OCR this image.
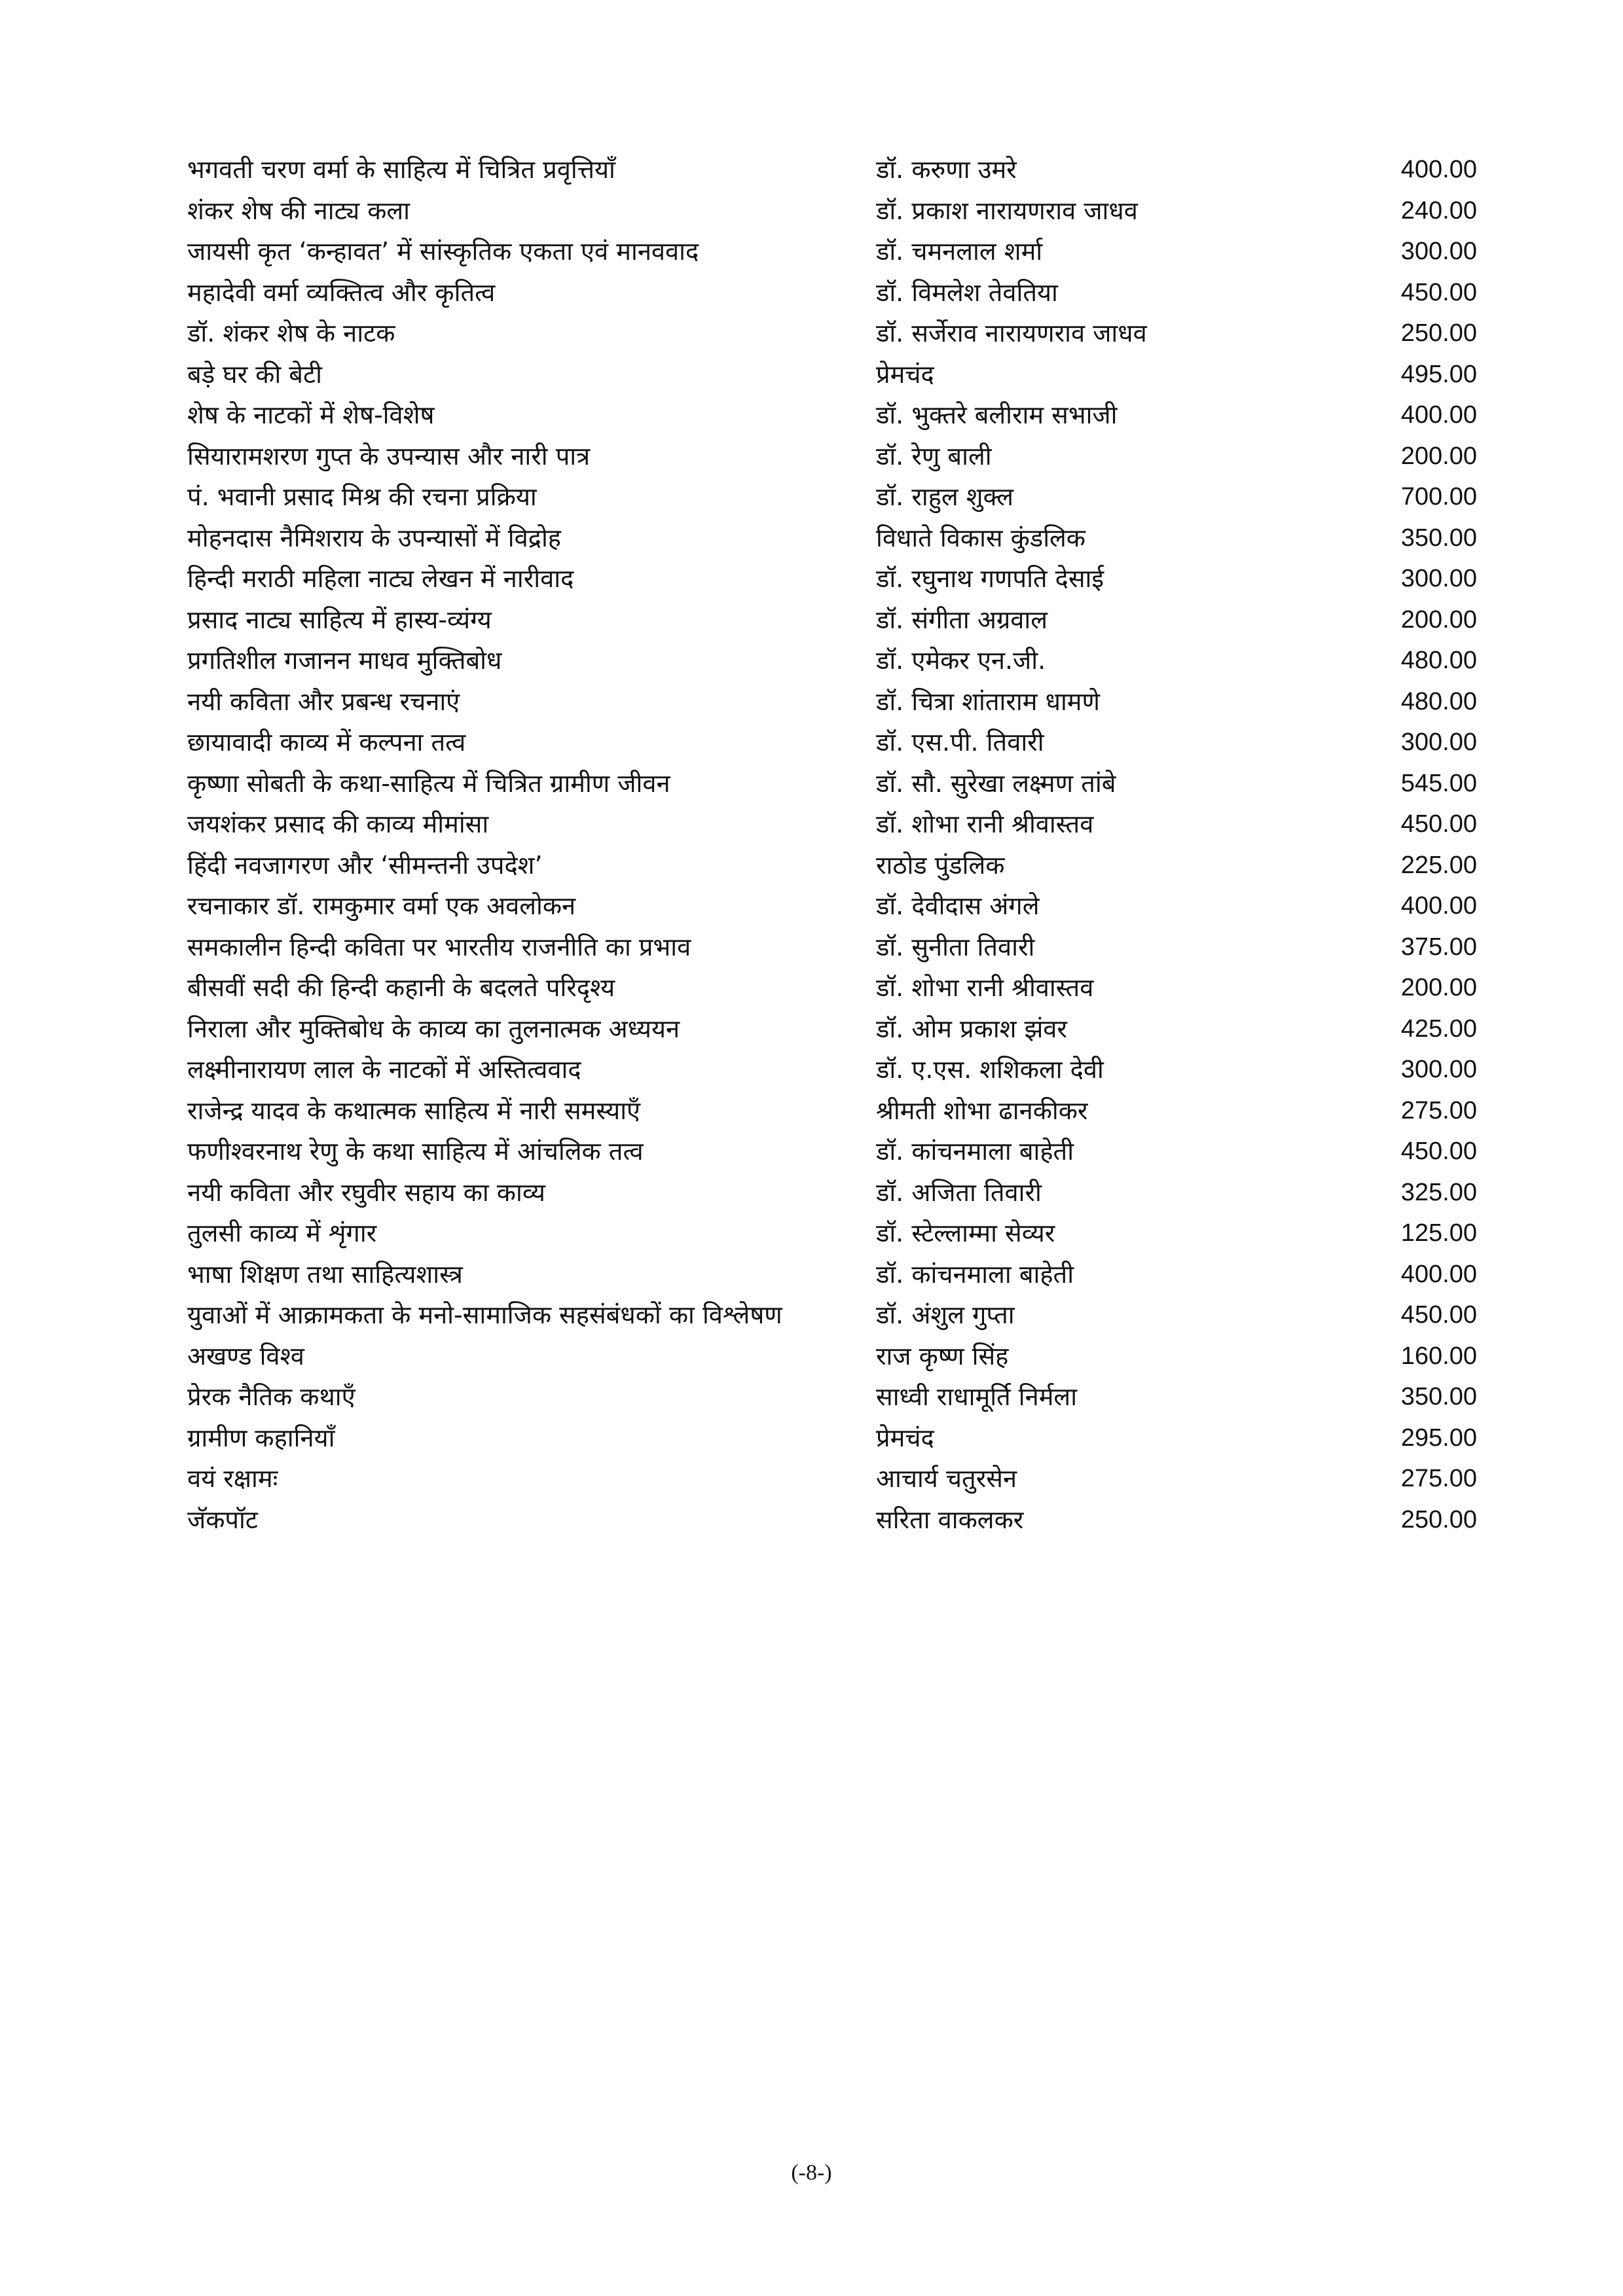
भगवती चरण वर्मा के साहित्य में चित्रित प्रवृत्तियाँ	डॉ. करुणा उमरे	400.00
शंकर शेष की नाट्य कला	डॉ. प्रकाश नारायणराव जाधव	240.00
जायसी कृत ‘कन्हावत’ में सांस्कृतिक एकता एवं मानववाद	डॉ. चमनलाल शर्मा	300.00
महादेवी वर्मा व्यक्तित्व और कृतित्व	डॉ. विमलेश तेवतिया	450.00
डॉ. शंकर शेष के नाटक	डॉ. सर्जेराव नारायणराव जाधव	250.00
बड़े घर की बेटी	प्रेमचंद	495.00
शेष के नाटकों में शेष-विशेष	डॉ. भुक्तरे बलीराम सभाजी	400.00
सियारामशरण गुप्त के उपन्यास और नारी पात्र	डॉ. रेणु बाली	200.00
पं. भवानी प्रसाद मिश्र की रचना प्रक्रिया	डॉ. राहुल शुक्ल	700.00
मोहनदास नैमिशराय के उपन्यासों में विद्रोह	विधाते विकास कुंडलिक	350.00
हिन्दी मराठी महिला नाट्य लेखन में नारीवाद	डॉ. रघुनाथ गणपति देसाई	300.00
प्रसाद नाट्य साहित्य में हास्य-व्यंग्य	डॉ. संगीता अग्रवाल	200.00
प्रगतिशील गजानन माधव मुक्तिबोध	डॉ. एमेकर एन.जी.	480.00
नयी कविता और प्रबन्ध रचनाएं	डॉ. चित्रा शांताराम धामणे	480.00
छायावादी काव्य में कल्पना तत्व	डॉ. एस.पी. तिवारी	300.00
कृष्णा सोबती के कथा-साहित्य में चित्रित ग्रामीण जीवन	डॉ. सौ. सुरेखा लक्ष्मण तांबे	545.00
जयशंकर प्रसाद की काव्य मीमांसा	डॉ. शोभा रानी श्रीवास्तव	450.00
हिंदी नवजागरण और ‘सीमन्तनी उपदेश’	राठोड पुंडलिक	225.00
रचनाकार डॉ. रामकुमार वर्मा एक अवलोकन	डॉ. देवीदास अंगले	400.00
समकालीन हिन्दी कविता पर भारतीय राजनीति का प्रभाव	डॉ. सुनीता तिवारी	375.00
बीसवीं सदी की हिन्दी कहानी के बदलते परिदृश्य	डॉ. शोभा रानी श्रीवास्तव	200.00
निराला और मुक्तिबोध के काव्य का तुलनात्मक अध्ययन	डॉ. ओम प्रकाश झंवर	425.00
लक्ष्मीनारायण लाल के नाटकों में अस्तित्ववाद	डॉ. ए.एस. शशिकला देवी	300.00
राजेन्द्र यादव के कथात्मक साहित्य में नारी समस्याएँ	श्रीमती शोभा ढानकीकर	275.00
फणीश्वरनाथ रेणु के कथा साहित्य में आंचलिक तत्व	डॉ. कांचनमाला बाहेती	450.00
नयी कविता और रघुवीर सहाय का काव्य	डॉ. अजिता तिवारी	325.00
तुलसी काव्य में शृंगार	डॉ. स्टेल्लाम्मा सेव्यर	125.00
भाषा शिक्षण तथा साहित्यशास्त्र	डॉ. कांचनमाला बाहेती	400.00
युवाओं में आक्रामकता के मनो-सामाजिक सहसंबंधकों का विश्लेषण	डॉ. अंशुल गुप्ता	450.00
अखण्ड विश्व	राज कृष्ण सिंह	160.00
प्रेरक नैतिक कथाएँ	साध्वी राधामूर्ति निर्मला	350.00
ग्रामीण कहानियाँ	प्रेमचंद	295.00
वयं रक्षामः	आचार्य चतुरसेन	275.00
जॅकपॉट	सरिता वाकलकर	250.00
(-8-)
